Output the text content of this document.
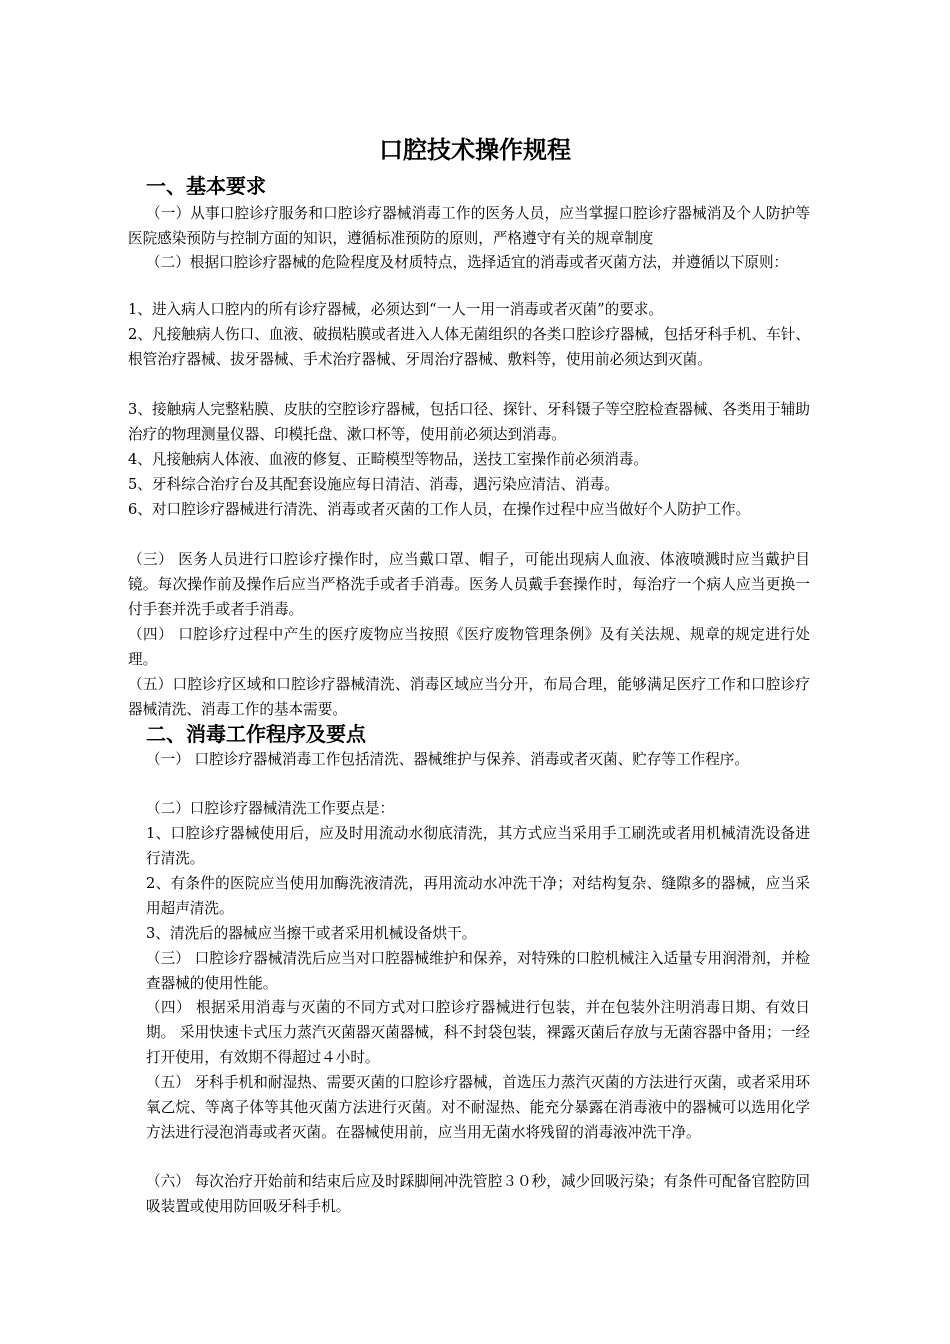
口腔技术操作规程
一、基本要求
（一）从事口腔诊疗服务和口腔诊疗器械消毒工作的医务人员，应当掌握口腔诊疗器械消及个人防护等医院感染预防与控制方面的知识，遵循标准预防的原则，严格遵守有关的规章制度
（二）根据口腔诊疗器械的危险程度及材质特点，选择适宜的消毒或者灭菌方法，并遵循以下原则：
1、进入病人口腔内的所有诊疗器械，必须达到“一人一用一消毒或者灭菌”的要求。
2、凡接触病人伤口、血液、破损粘膜或者进入人体无菌组织的各类口腔诊疗器械，包括牙科手机、车针、根管治疗器械、拔牙器械、手术治疗器械、牙周治疗器械、敷料等，使用前必须达到灭菌。
3、接触病人完整粘膜、皮肤的空腔诊疗器械，包括口径、探针、牙科镊子等空腔检查器械、各类用于辅助治疗的物理测量仪器、印模托盘、漱口杯等，使用前必须达到消毒。
4、凡接触病人体液、血液的修复、正畸模型等物品，送技工室操作前必须消毒。
5、牙科综合治疗台及其配套设施应每日清洁、消毒，遇污染应清洁、消毒。
6、对口腔诊疗器械进行清洗、消毒或者灭菌的工作人员，在操作过程中应当做好个人防护工作。
（三） 医务人员进行口腔诊疗操作时，应当戴口罩、帽子，可能出现病人血液、体液喷溅时应当戴护目镜。每次操作前及操作后应当严格洗手或者手消毒。医务人员戴手套操作时，每治疗一个病人应当更换一付手套并洗手或者手消毒。
（四） 口腔诊疗过程中产生的医疗废物应当按照《医疗废物管理条例》及有关法规、规章的规定进行处理。
（五）口腔诊疗区域和口腔诊疗器械清洗、消毒区域应当分开，布局合理，能够满足医疗工作和口腔诊疗器械清洗、消毒工作的基本需要。
二、消毒工作程序及要点
（一） 口腔诊疗器械消毒工作包括清洗、器械维护与保养、消毒或者灭菌、贮存等工作程序。
（二）口腔诊疗器械清洗工作要点是：
1、口腔诊疗器械使用后，应及时用流动水彻底清洗，其方式应当采用手工刷洗或者用机械清洗设备进行清洗。
2、有条件的医院应当使用加酶洗液清洗，再用流动水冲洗干净；对结构复杂、缝隙多的器械，应当采用超声清洗。
3、清洗后的器械应当擦干或者采用机械设备烘干。
（三） 口腔诊疗器械清洗后应当对口腔器械维护和保养，对特殊的口腔机械注入适量专用润滑剂，并检查器械的使用性能。
（四） 根据采用消毒与灭菌的不同方式对口腔诊疗器械进行包装，并在包装外注明消毒日期、有效日期。 采用快速卡式压力蒸汽灭菌器灭菌器械，科不封袋包装，裸露灭菌后存放与无菌容器中备用；一经打开使用，有效期不得超过４小时。
（五） 牙科手机和耐湿热、需要灭菌的口腔诊疗器械，首选压力蒸汽灭菌的方法进行灭菌，或者采用环氧乙烷、等离子体等其他灭菌方法进行灭菌。对不耐湿热、能充分暴露在消毒液中的器械可以选用化学方法进行浸泡消毒或者灭菌。在器械使用前，应当用无菌水将残留的消毒液冲洗干净。
（六） 每次治疗开始前和结束后应及时踩脚闸冲洗管腔３０秒，减少回吸污染；有条件可配备官腔防回吸装置或使用防回吸牙科手机。
